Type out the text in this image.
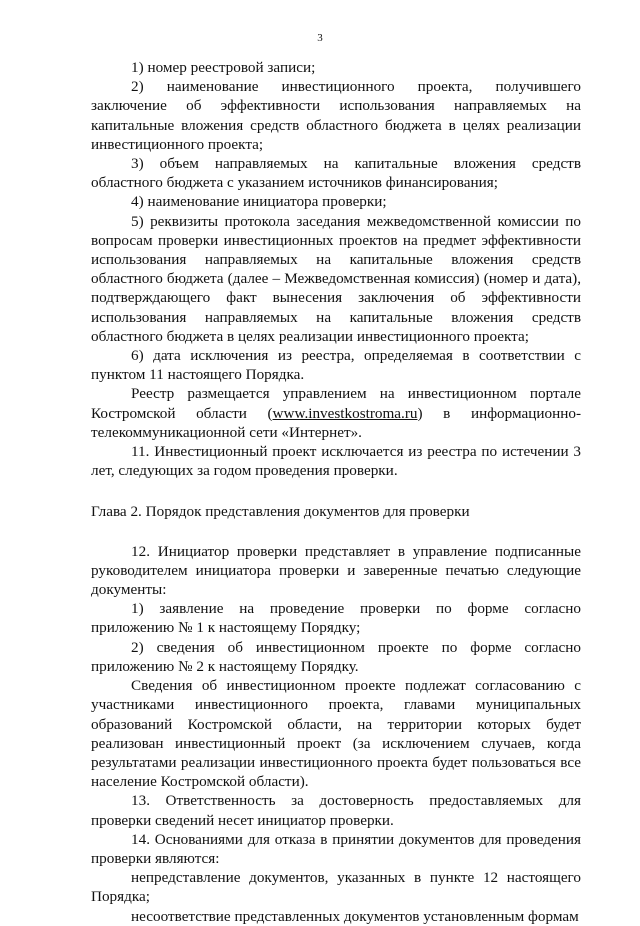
3

1) номер реестровой записи;

2) наименование инвестиционного проекта, получившего заключение об эффективности использования направляемых на капитальные вложения средств областного бюджета в целях реализации инвестиционного проекта;

3) объем направляемых на капитальные вложения средств областного бюджета с указанием источников финансирования;

4) наименование инициатора проверки;

5) реквизиты протокола заседания межведомственной комиссии по вопросам проверки инвестиционных проектов на предмет эффективности использования направляемых на капитальные вложения средств областного бюджета (далее – Межведомственная комиссия) (номер и дата), подтверждающего факт вынесения заключения об эффективности использования направляемых на капитальные вложения средств областного бюджета в целях реализации инвестиционного проекта;

6) дата исключения из реестра, определяемая в соответствии с пунктом 11 настоящего Порядка.

Реестр размещается управлением на инвестиционном портале Костромской области (www.investkostroma.ru) в информационно-телекоммуникационной сети «Интернет».

11. Инвестиционный проект исключается из реестра по истечении 3 лет, следующих за годом проведения проверки.

Глава 2. Порядок представления документов для проверки

12. Инициатор проверки представляет в управление подписанные руководителем инициатора проверки и заверенные печатью следующие документы:

1) заявление на проведение проверки по форме согласно приложению № 1 к настоящему Порядку;

2) сведения об инвестиционном проекте по форме согласно приложению № 2 к настоящему Порядку.

Сведения об инвестиционном проекте подлежат согласованию с участниками инвестиционного проекта, главами муниципальных образований Костромской области, на территории которых будет реализован инвестиционный проект (за исключением случаев, когда результатами реализации инвестиционного проекта будет пользоваться все население Костромской области).

13. Ответственность за достоверность предоставляемых для проверки сведений несет инициатор проверки.

14. Основаниями для отказа в принятии документов для проведения проверки являются:

непредставление документов, указанных в пункте 12 настоящего Порядка;

несоответствие представленных документов установленным формам
